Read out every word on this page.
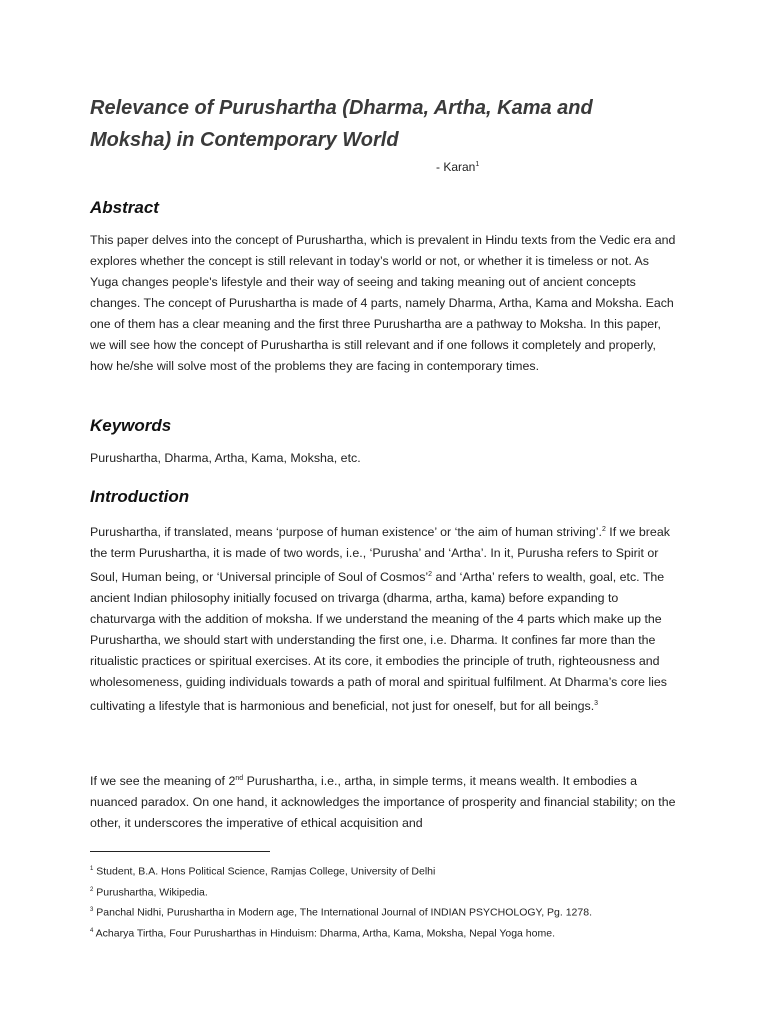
Relevance of Purushartha (Dharma, Artha, Kama and Moksha) in Contemporary World
- Karan$^1$
Abstract

This paper delves into the concept of Purushartha, which is prevalent in Hindu texts from the Vedic era and explores whether the concept is still relevant in today’s world or not, or whether it is timeless or not. As Yuga changes people's lifestyle and their way of seeing and taking meaning out of ancient concepts changes. The concept of Purushartha is made of 4 parts, namely Dharma, Artha, Kama and Moksha. Each one of them has a clear meaning and the first three Purushartha are a pathway to Moksha. In this paper, we will see how the concept of Purushartha is still relevant and if one follows it completely and properly, how he/she will solve most of the problems they are facing in contemporary times.

Keywords

Purushartha, Dharma, Artha, Kama, Moksha, etc.

Introduction

Purushartha, if translated, means ‘purpose of human existence’ or ‘the aim of human striving’.$^2$ If we break the term Purushartha, it is made of two words, i.e., ‘Purusha’ and ‘Artha’. In it, Purusha refers to Spirit or Soul, Human being, or ‘Universal principle of Soul of Cosmos’$^2$ and ‘Artha’ refers to wealth, goal, etc. The ancient Indian philosophy initially focused on trivarga (dharma, artha, kama) before expanding to chaturvarga with the addition of moksha. If we understand the meaning of the 4 parts which make up the Purushartha, we should start with understanding the first one, i.e. Dharma. It confines far more than the ritualistic practices or spiritual exercises. At its core, it embodies the principle of truth, righteousness and wholesomeness, guiding individuals towards a path of moral and spiritual fulfilment. At Dharma’s core lies cultivating a lifestyle that is harmonious and beneficial, not just for oneself, but for all beings.$^3$

If we see the meaning of 2nd Purushartha, i.e., artha, in simple terms, it means wealth. It embodies a nuanced paradox. On one hand, it acknowledges the importance of prosperity and financial stability; on the other, it underscores the imperative of ethical acquisition and

$^1$ Student, B.A. Hons Political Science, Ramjas College, University of Delhi
$^2$ Purushartha, Wikipedia.
$^3$ Panchal Nidhi, Purushartha in Modern age, The International Journal of INDIAN PSYCHOLOGY, Pg. 1278.
$^4$ Acharya Tirtha, Four Purusharthas in Hinduism: Dharma, Artha, Kama, Moksha, Nepal Yoga home.
